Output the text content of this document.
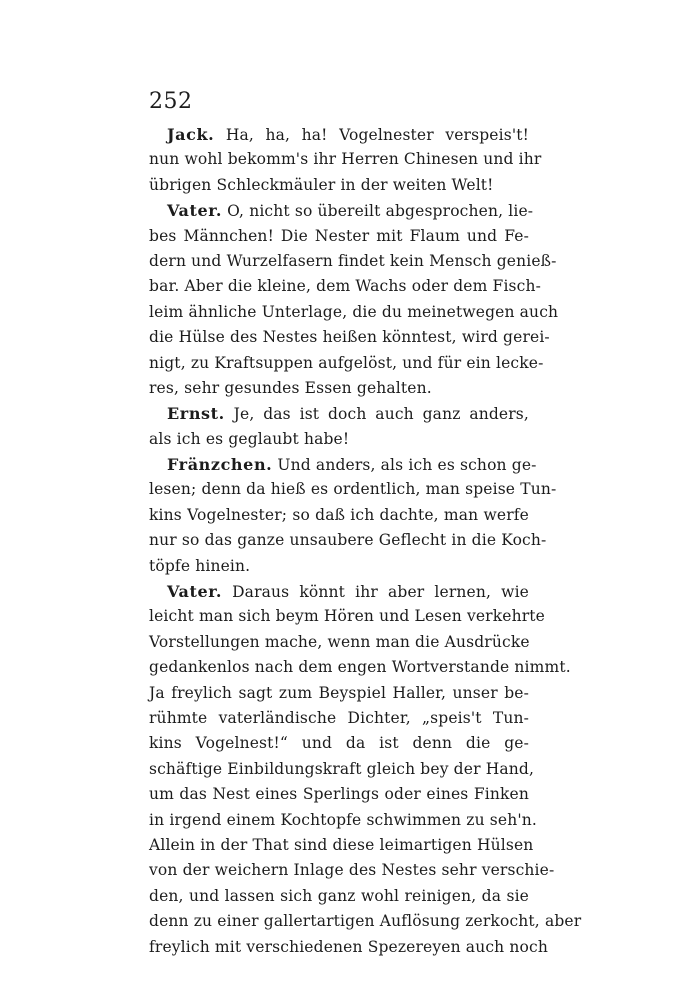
252
Jack. Ha, ha, ha! Vogelnester verspeis't!
nun wohl bekomm's ihr Herren Chinesen und ihr
übrigen Schleckmäuler in der weiten Welt!
Vater. O, nicht so übereilt abgesprochen, lie-
bes Männchen! Die Nester mit Flaum und Fe-
dern und Wurzelfasern findet kein Mensch genieß-
bar. Aber die kleine, dem Wachs oder dem Fisch-
leim ähnliche Unterlage, die du meinetwegen auch
die Hülse des Nestes heißen könntest, wird gerei-
nigt, zu Kraftsuppen aufgelöst, und für ein lecke-
res, sehr gesundes Essen gehalten.
Ernst. Je, das ist doch auch ganz anders,
als ich es geglaubt habe!
Fränzchen. Und anders, als ich es schon ge-
lesen; denn da hieß es ordentlich, man speise Tun-
kins Vogelnester; so daß ich dachte, man werfe
nur so das ganze unsaubere Geflecht in die Koch-
töpfe hinein.
Vater. Daraus könnt ihr aber lernen, wie
leicht man sich beym Hören und Lesen verkehrte
Vorstellungen mache, wenn man die Ausdrücke
gedankenlos nach dem engen Wortverstande nimmt.
Ja freylich sagt zum Beyspiel Haller, unser be-
rühmte vaterländische Dichter, „speis't Tun-
kins Vogelnest!“ und da ist denn die ge-
schäftige Einbildungskraft gleich bey der Hand,
um das Nest eines Sperlings oder eines Finken
in irgend einem Kochtopfe schwimmen zu seh'n.
Allein in der That sind diese leimartigen Hülsen
von der weichern Inlage des Nestes sehr verschie-
den, und lassen sich ganz wohl reinigen, da sie
denn zu einer gallertartigen Auflösung zerkocht, aber
freylich mit verschiedenen Spezereyen auch noch
